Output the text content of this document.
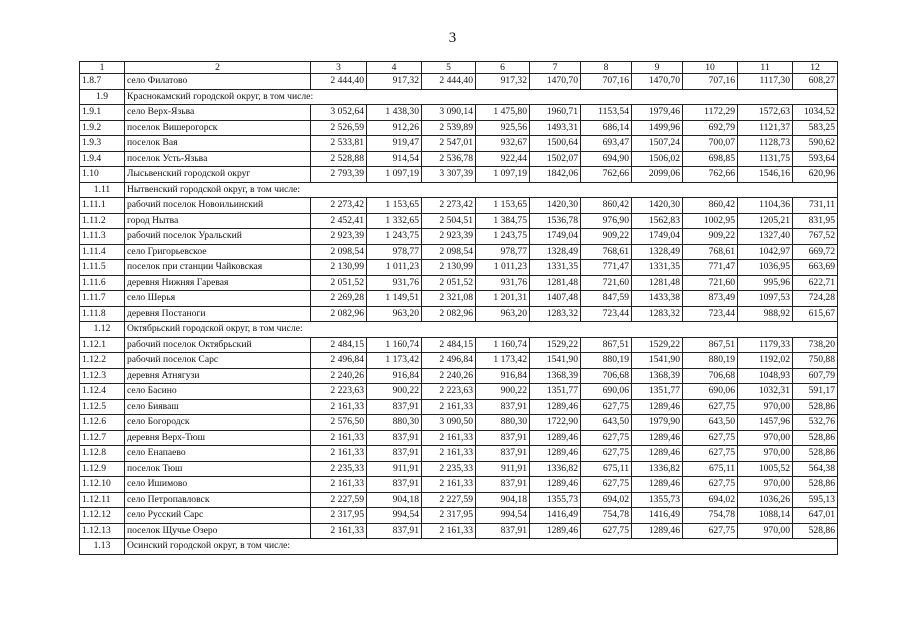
3
1	2	3	4	5	6	7	8	9	10	11	12
1.8.7	село Филатово	2 444,40	917,32	2 444,40	917,32	1470,70	707,16	1470,70	707,16	1117,30	608,27
1.9	Краснокамский городской округ, в том числе:										
1.9.1	село Верх-Язьва	3 052,64	1 438,30	3 090,14	1 475,80	1960,71	1153,54	1979,46	1172,29	1572,63	1034,52
1.9.2	поселок Вишерогорск	2 526,59	912,26	2 539,89	925,56	1493,31	686,14	1499,96	692,79	1121,37	583,25
1.9.3	поселок Вая	2 533,81	919,47	2 547,01	932,67	1500,64	693,47	1507,24	700,07	1128,73	590,62
1.9.4	поселок Усть-Язьва	2 528,88	914,54	2 536,78	922,44	1502,07	694,90	1506,02	698,85	1131,75	593,64
1.10	Лысьвенский городской округ	2 793,39	1 097,19	3 307,39	1 097,19	1842,06	762,66	2099,06	762,66	1546,16	620,96
1.11	Нытвенский городской округ, в том числе:										
1.11.1	рабочий поселок Новоильинский	2 273,42	1 153,65	2 273,42	1 153,65	1420,30	860,42	1420,30	860,42	1104,36	731,11
1.11.2	город Нытва	2 452,41	1 332,65	2 504,51	1 384,75	1536,78	976,90	1562,83	1002,95	1205,21	831,95
1.11.3	рабочий поселок Уральский	2 923,39	1 243,75	2 923,39	1 243,75	1749,04	909,22	1749,04	909,22	1327,40	767,52
1.11.4	село Григорьевское	2 098,54	978,77	2 098,54	978,77	1328,49	768,61	1328,49	768,61	1042,97	669,72
1.11.5	поселок при станции Чайковская	2 130,99	1 011,23	2 130,99	1 011,23	1331,35	771,47	1331,35	771,47	1036,95	663,69
1.11.6	деревня Нижняя Гаревая	2 051,52	931,76	2 051,52	931,76	1281,48	721,60	1281,48	721,60	995,96	622,71
1.11.7	село Шерья	2 269,28	1 149,51	2 321,08	1 201,31	1407,48	847,59	1433,38	873,49	1097,53	724,28
1.11.8	деревня Постаноги	2 082,96	963,20	2 082,96	963,20	1283,32	723,44	1283,32	723,44	988,92	615,67
1.12	Октябрьский городской округ, в том числе:										
1.12.1	рабочий поселок Октябрьский	2 484,15	1 160,74	2 484,15	1 160,74	1529,22	867,51	1529,22	867,51	1179,33	738,20
1.12.2	рабочий поселок Сарс	2 496,84	1 173,42	2 496,84	1 173,42	1541,90	880,19	1541,90	880,19	1192,02	750,88
1.12.3	деревня Атнягузи	2 240,26	916,84	2 240,26	916,84	1368,39	706,68	1368,39	706,68	1048,93	607,79
1.12.4	село Басино	2 223,63	900,22	2 223,63	900,22	1351,77	690,06	1351,77	690,06	1032,31	591,17
1.12.5	село Бияваш	2 161,33	837,91	2 161,33	837,91	1289,46	627,75	1289,46	627,75	970,00	528,86
1.12.6	село Богородск	2 576,50	880,30	3 090,50	880,30	1722,90	643,50	1979,90	643,50	1457,96	532,76
1.12.7	деревня Верх-Тюш	2 161,33	837,91	2 161,33	837,91	1289,46	627,75	1289,46	627,75	970,00	528,86
1.12.8	село Енапаево	2 161,33	837,91	2 161,33	837,91	1289,46	627,75	1289,46	627,75	970,00	528,86
1.12.9	поселок Тюш	2 235,33	911,91	2 235,33	911,91	1336,82	675,11	1336,82	675,11	1005,52	564,38
1.12.10	село Ишимово	2 161,33	837,91	2 161,33	837,91	1289,46	627,75	1289,46	627,75	970,00	528,86
1.12.11	село Петропавловск	2 227,59	904,18	2 227,59	904,18	1355,73	694,02	1355,73	694,02	1036,26	595,13
1.12.12	село Русский Сарс	2 317,95	994,54	2 317,95	994,54	1416,49	754,78	1416,49	754,78	1088,14	647,01
1.12.13	поселок Щучье Озеро	2 161,33	837,91	2 161,33	837,91	1289,46	627,75	1289,46	627,75	970,00	528,86
1.13	Осинский городской округ, в том числе:										
